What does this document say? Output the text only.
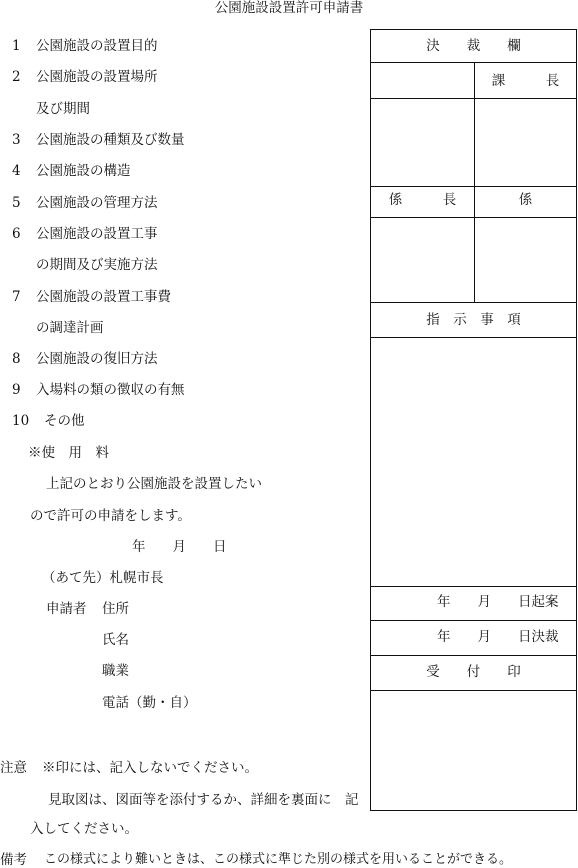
公園施設設置許可申請書
1	公園施設の設置目的
2	公園施設の設置場所
及び期間
3	公園施設の種類及び数量
4	公園施設の構造
5	公園施設の管理方法
6	公園施設の設置工事
の期間及び実施方法
7	公園施設の設置工事費
の調達計画
8	公園施設の復旧方法
9	入場料の類の徴収の有無
10 その他
※使　用　料
上記のとおり公園施設を設置したい
ので許可の申請をします。
年　　月　　日
（あて先）札幌市長
申請者 住所
氏名
職業
電話（勤・自）
決　　裁　　欄
課　　　長
係　　　長	係
指　示　事　項
年　　月　　日起案
年　　月　　日決裁
受　　付　　印
注意 ※印には、記入しないでください。
見取図は、図面等を添付するか、詳細を裏面に　記
入してください。
備考 この様式により難いときは、この様式に準じた別の様式を用いることができる。
